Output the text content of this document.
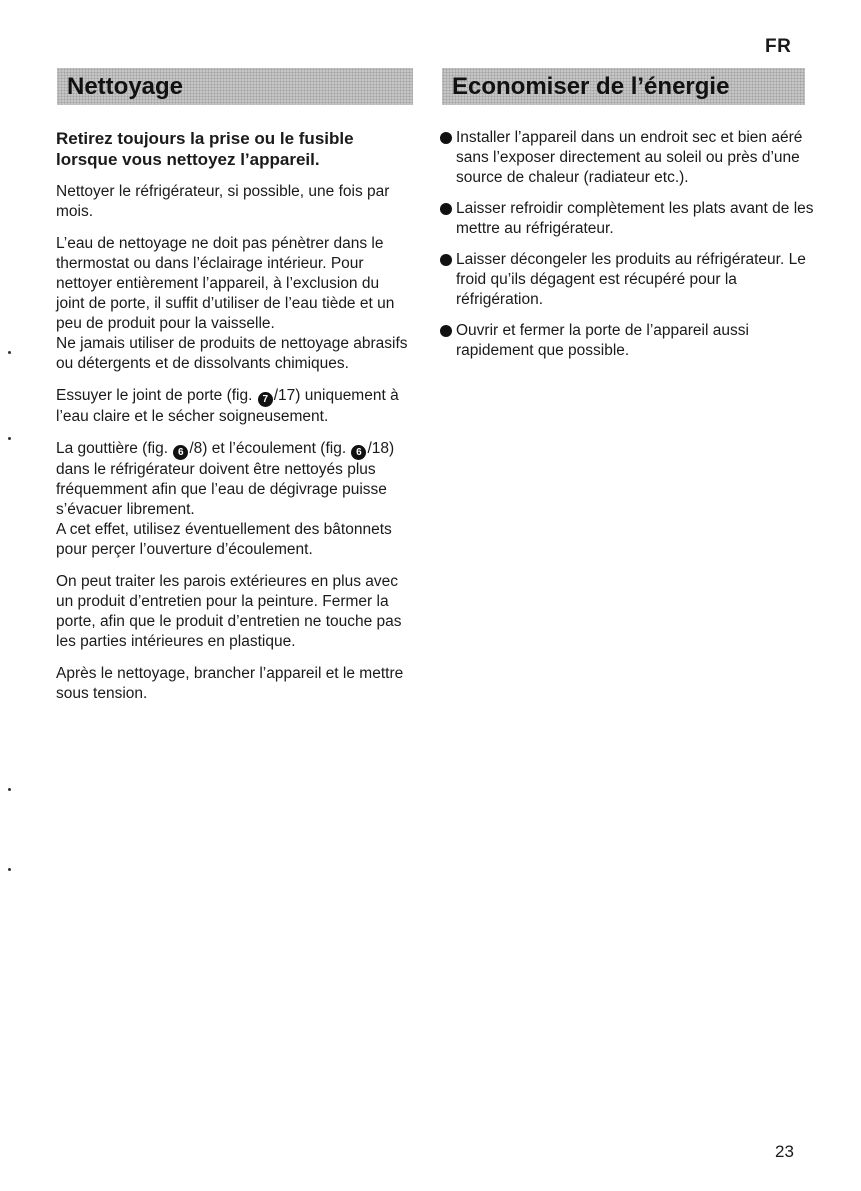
FR
Nettoyage	Economiser de l’énergie

Retirez toujours la prise ou le fusible lorsque vous nettoyez l’appareil.

Nettoyer le réfrigérateur, si possible, une fois par mois.

L’eau de nettoyage ne doit pas pénètrer dans le thermostat ou dans l’éclairage intérieur. Pour nettoyer entièrement l’appareil, à l’exclusion du joint de porte, il suffit d’utiliser de l’eau tiède et un peu de produit pour la vaisselle.

Ne jamais utiliser de produits de nettoyage abrasifs ou détergents et de dissolvants chimiques.

Essuyer le joint de porte (fig. 7 /17) uniquement à l’eau claire et le sécher soigneusement.

La gouttière (fig. 6 /8) et l’écoulement (fig. 6 /18) dans le réfrigérateur doivent être nettoyés plus fréquemment afin que l’eau de dégivrage puisse s’évacuer librement.
A cet effet, utilisez éventuellement des bâtonnets pour perçer l’ouverture d’écoulement.

On peut traiter les parois extérieures en plus avec un produit d’entretien pour la peinture. Fermer la porte, afin que le produit d’entretien ne touche pas les parties intérieures en plastique.

Après le nettoyage, brancher l’appareil et le mettre sous tension.

Installer l’appareil dans un endroit sec et bien aéré sans l’exposer directement au soleil ou près d’une source de chaleur (radiateur etc.).
Laisser refroidir complètement les plats avant de les mettre au réfrigérateur.
Laisser décongeler les produits au réfrigérateur. Le froid qu’ils dégagent est récupéré pour la réfrigération.
Ouvrir et fermer la porte de l’appareil aussi rapidement que possible.
23
